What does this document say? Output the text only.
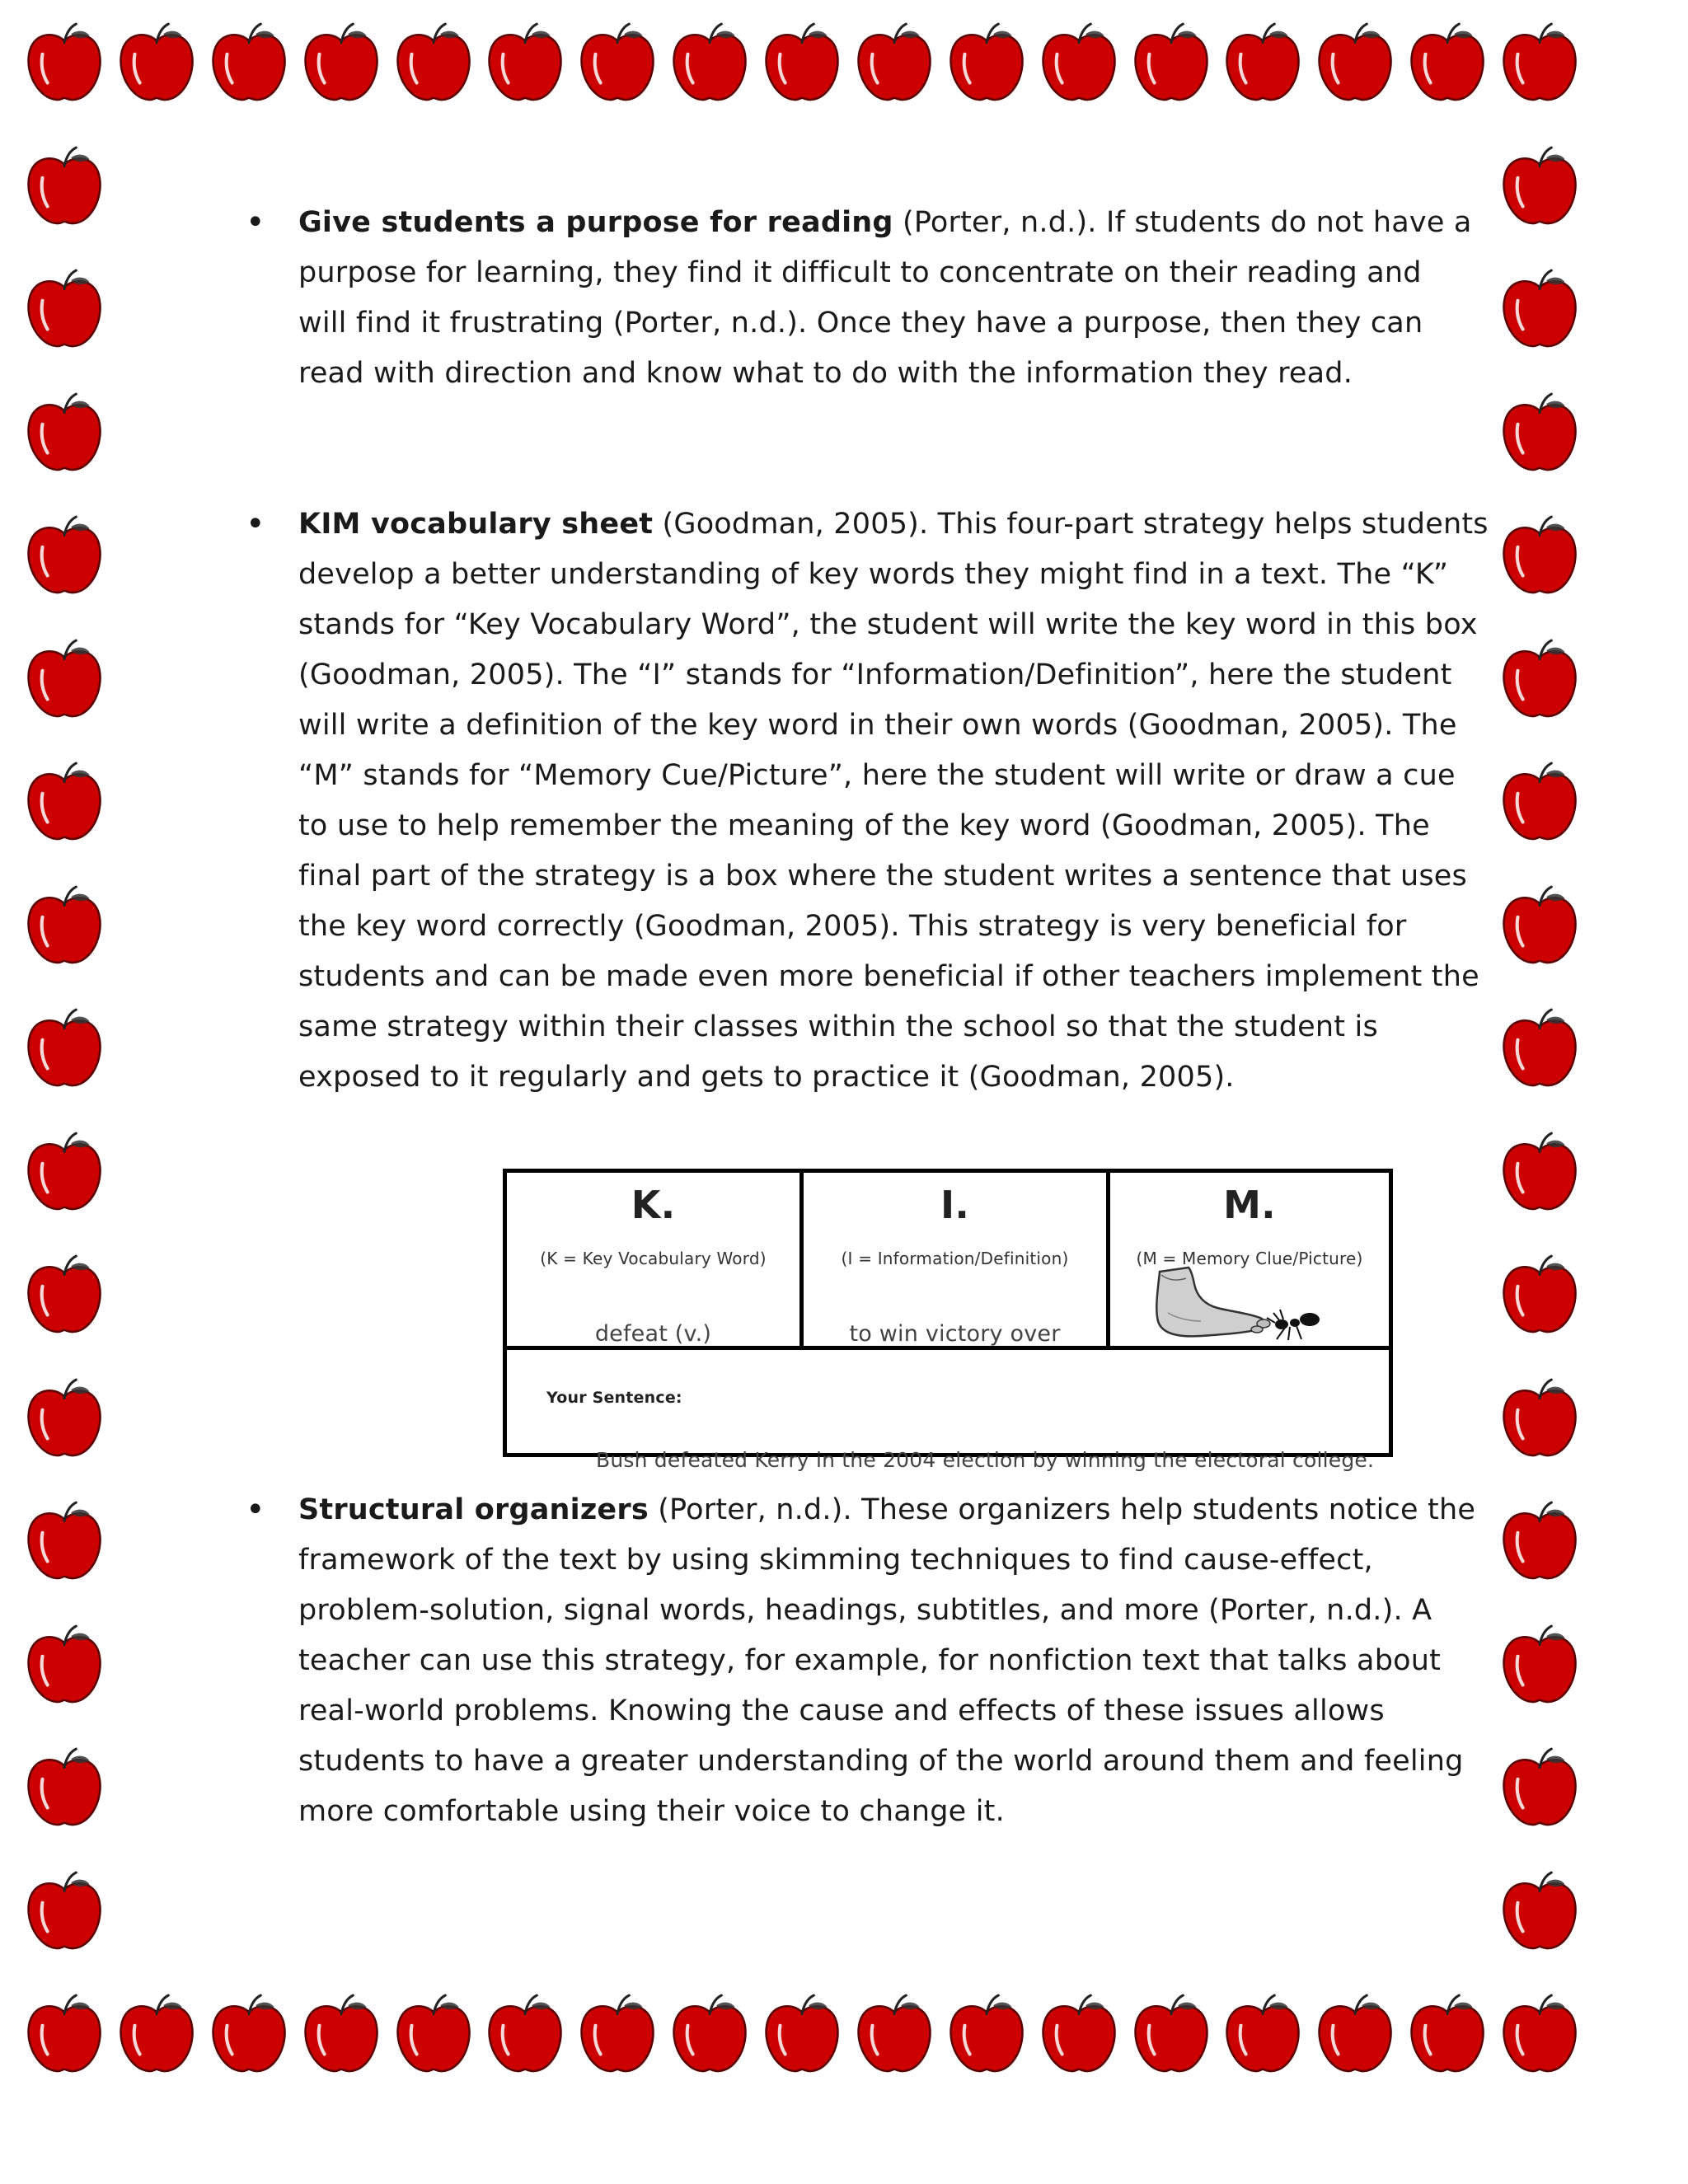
• Give students a purpose for reading (Porter, n.d.). If students do not have a
purpose for learning, they find it difficult to concentrate on their reading and
will find it frustrating (Porter, n.d.). Once they have a purpose, then they can
read with direction and know what to do with the information they read.
• KIM vocabulary sheet (Goodman, 2005). This four-part strategy helps students
develop a better understanding of key words they might find in a text. The “K”
stands for “Key Vocabulary Word”, the student will write the key word in this box
(Goodman, 2005). The “I” stands for “Information/Definition”, here the student
will write a definition of the key word in their own words (Goodman, 2005). The
“M” stands for “Memory Cue/Picture”, here the student will write or draw a cue
to use to help remember the meaning of the key word (Goodman, 2005). The
final part of the strategy is a box where the student writes a sentence that uses
the key word correctly (Goodman, 2005). This strategy is very beneficial for
students and can be made even more beneficial if other teachers implement the
same strategy within their classes within the school so that the student is
exposed to it regularly and gets to practice it (Goodman, 2005).
K.
(K = Key Vocabulary Word)
defeat (v.)
I.
(I = Information/Definition)
to win victory over
M.
(M = Memory Clue/Picture)
Your Sentence:
Bush defeated Kerry in the 2004 election by winning the electoral college.
• Structural organizers (Porter, n.d.). These organizers help students notice the
framework of the text by using skimming techniques to find cause-effect,
problem-solution, signal words, headings, subtitles, and more (Porter, n.d.). A
teacher can use this strategy, for example, for nonfiction text that talks about
real-world problems. Knowing the cause and effects of these issues allows
students to have a greater understanding of the world around them and feeling
more comfortable using their voice to change it.
